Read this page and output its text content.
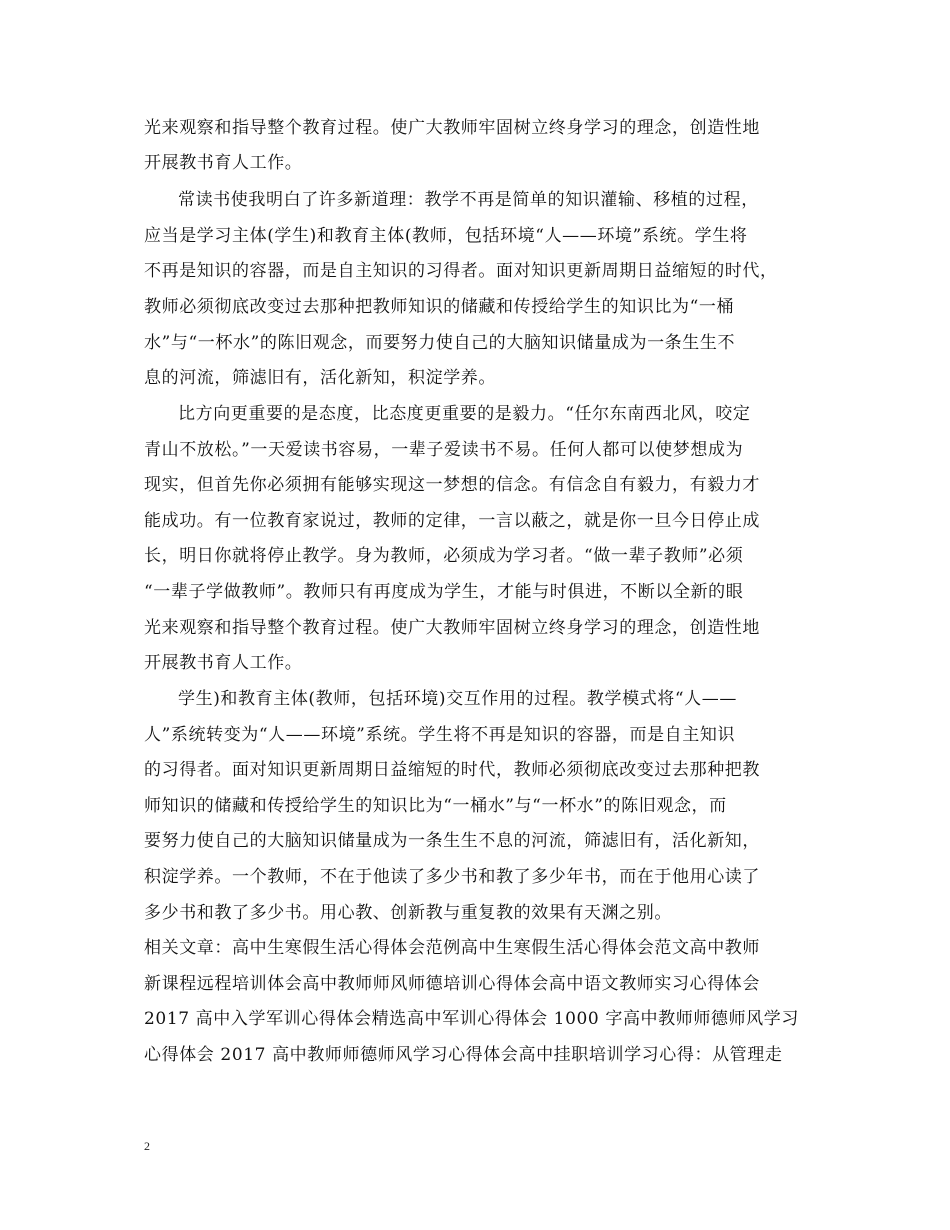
光来观察和指导整个教育过程。使广大教师牢固树立终身学习的理念，创造性地
开展教书育人工作。
常读书使我明白了许多新道理：教学不再是简单的知识灌输、移植的过程，
应当是学习主体(学生)和教育主体(教师，包括环境“人——环境”系统。学生将
不再是知识的容器，而是自主知识的习得者。面对知识更新周期日益缩短的时代，
教师必须彻底改变过去那种把教师知识的储藏和传授给学生的知识比为“一桶
水”与“一杯水”的陈旧观念，而要努力使自己的大脑知识储量成为一条生生不
息的河流，筛滤旧有，活化新知，积淀学养。
比方向更重要的是态度，比态度更重要的是毅力。“任尔东南西北风，咬定
青山不放松。”一天爱读书容易，一辈子爱读书不易。任何人都可以使梦想成为
现实，但首先你必须拥有能够实现这一梦想的信念。有信念自有毅力，有毅力才
能成功。有一位教育家说过，教师的定律，一言以蔽之，就是你一旦今日停止成
长，明日你就将停止教学。身为教师，必须成为学习者。“做一辈子教师”必须
“一辈子学做教师”。教师只有再度成为学生，才能与时俱进，不断以全新的眼
光来观察和指导整个教育过程。使广大教师牢固树立终身学习的理念，创造性地
开展教书育人工作。
学生)和教育主体(教师，包括环境)交互作用的过程。教学模式将“人——
人”系统转变为“人——环境”系统。学生将不再是知识的容器，而是自主知识
的习得者。面对知识更新周期日益缩短的时代，教师必须彻底改变过去那种把教
师知识的储藏和传授给学生的知识比为“一桶水”与“一杯水”的陈旧观念，而
要努力使自己的大脑知识储量成为一条生生不息的河流，筛滤旧有，活化新知，
积淀学养。一个教师，不在于他读了多少书和教了多少年书，而在于他用心读了
多少书和教了多少书。用心教、创新教与重复教的效果有天渊之别。
相关文章：高中生寒假生活心得体会范例高中生寒假生活心得体会范文高中教师
新课程远程培训体会高中教师师风师德培训心得体会高中语文教师实习心得体会
2017 高中入学军训心得体会精选高中军训心得体会 1000 字高中教师师德师风学习
心得体会 2017 高中教师师德师风学习心得体会高中挂职培训学习心得：从管理走
2
